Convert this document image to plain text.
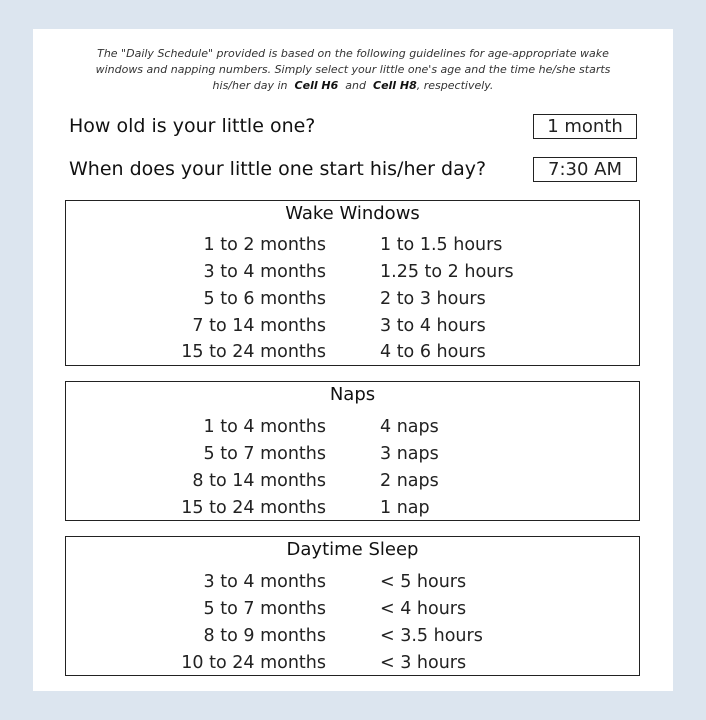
The "Daily Schedule" provided is based on the following guidelines for age-appropriate wake
windows and napping numbers. Simply select your little one's age and the time he/she starts
his/her day in Cell H6 and Cell H8, respectively.
How old is your little one?	1 month
When does your little one start his/her day?	7:30 AM
Wake Windows
1 to 2 months	1 to 1.5 hours
3 to 4 months	1.25 to 2 hours
5 to 6 months	2 to 3 hours
7 to 14 months	3 to 4 hours
15 to 24 months	4 to 6 hours
Naps
1 to 4 months	4 naps
5 to 7 months	3 naps
8 to 14 months	2 naps
15 to 24 months	1 nap
Daytime Sleep
3 to 4 months	< 5 hours
5 to 7 months	< 4 hours
8 to 9 months	< 3.5 hours
10 to 24 months	< 3 hours
